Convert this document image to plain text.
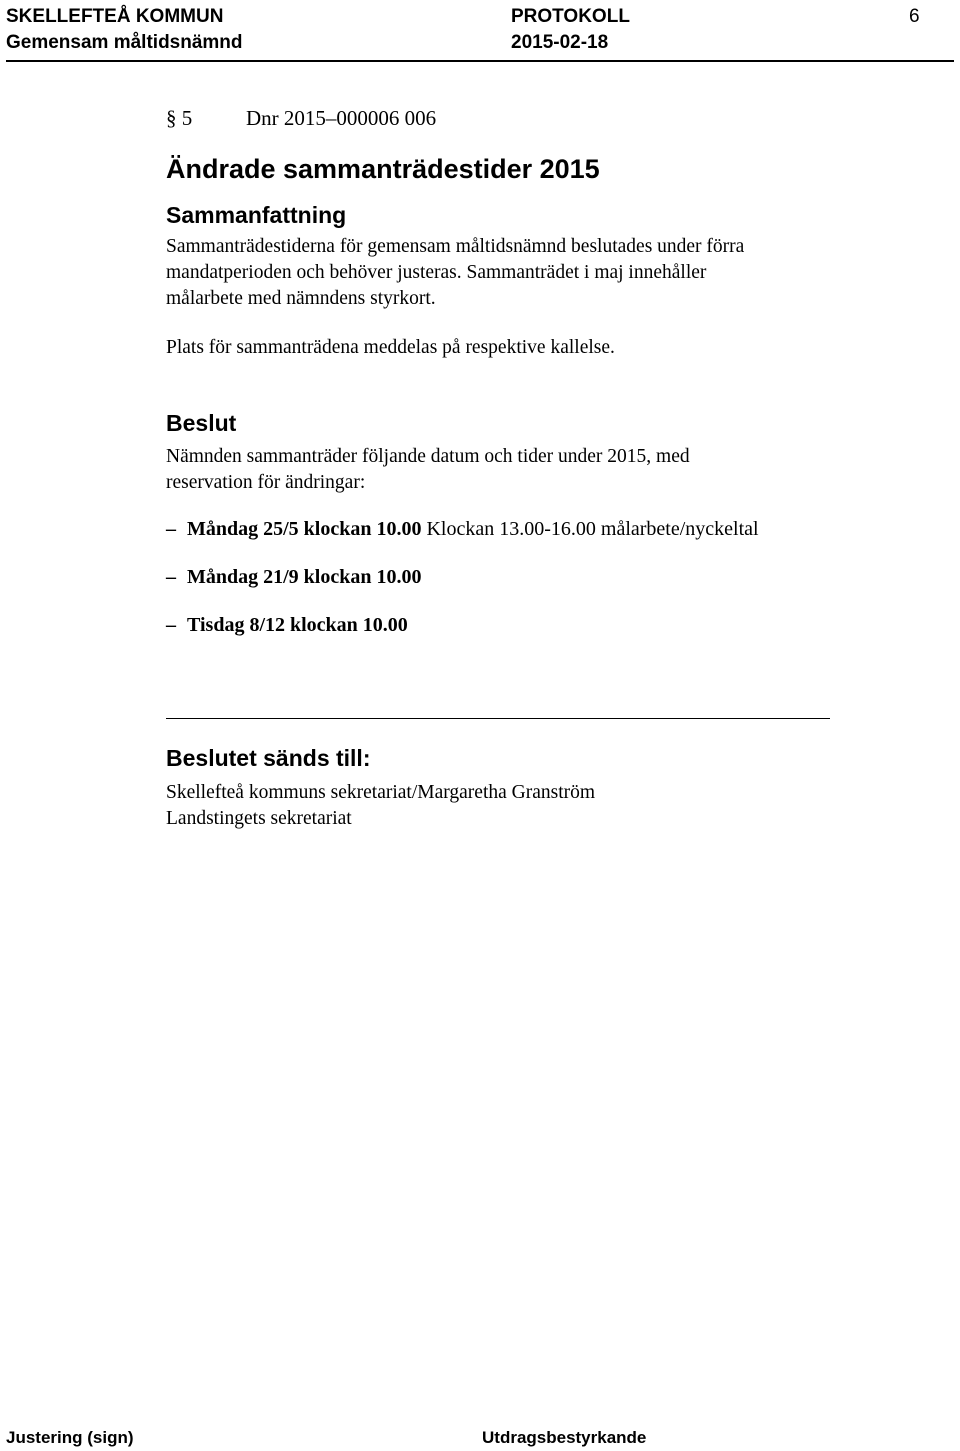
SKELLEFTEÅ KOMMUN
Gemensam måltidsnämnd
PROTOKOLL
2015-02-18
6
§ 5	Dnr 2015–000006 006
Ändrade sammanträdestider 2015
Sammanfattning
Sammanträdestiderna för gemensam måltidsnämnd beslutades under förra
mandatperioden och behöver justeras. Sammanträdet i maj innehåller
målarbete med nämndens styrkort.
Plats för sammanträdena meddelas på respektive kallelse.
Beslut
Nämnden sammanträder följande datum och tider under 2015, med
reservation för ändringar:
– Måndag 25/5 klockan 10.00 Klockan 13.00-16.00 målarbete/nyckeltal
– Måndag 21/9 klockan 10.00
– Tisdag 8/12 klockan 10.00
Beslutet sänds till:
Skellefteå kommuns sekretariat/Margaretha Granström
Landstingets sekretariat
Justering (sign)	Utdragsbestyrkande
